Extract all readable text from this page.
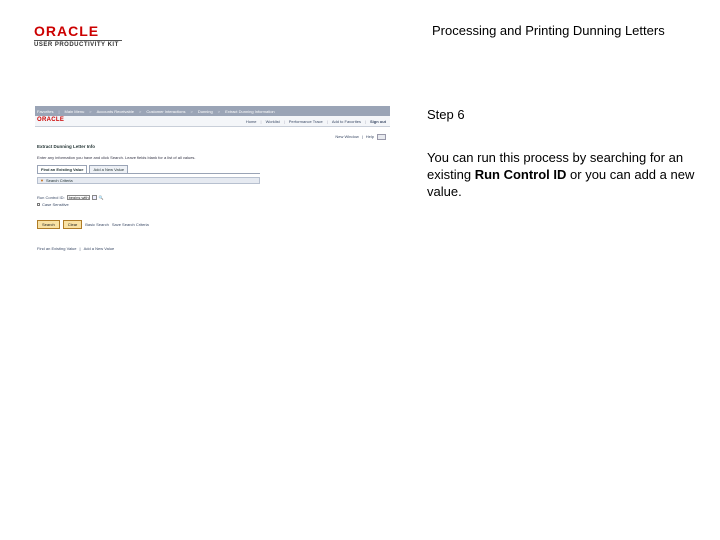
ORACLE
USER PRODUCTIVITY KIT
Processing and Printing Dunning Letters
Favorites | Main Menu > Accounts Receivable > Customer Interactions > Dunning > Extract Dunning Information
ORACLE	Home | Worklist | Performance Trace | Add to Favorites | Sign out
New Window | Help
Extract Dunning Letter Info
Enter any information you have and click Search. Leave fields blank for a list of all values.
Find an Existing Value	Add a New Value
▼ Search Criteria
Run Control ID:	begins with 🔍
Case Sensitive
Search	Clear	Basic Search Save Search Criteria
Find an Existing Value | Add a New Value
Step 6
You can run this process by searching for an existing Run Control ID or you can add a new value.
